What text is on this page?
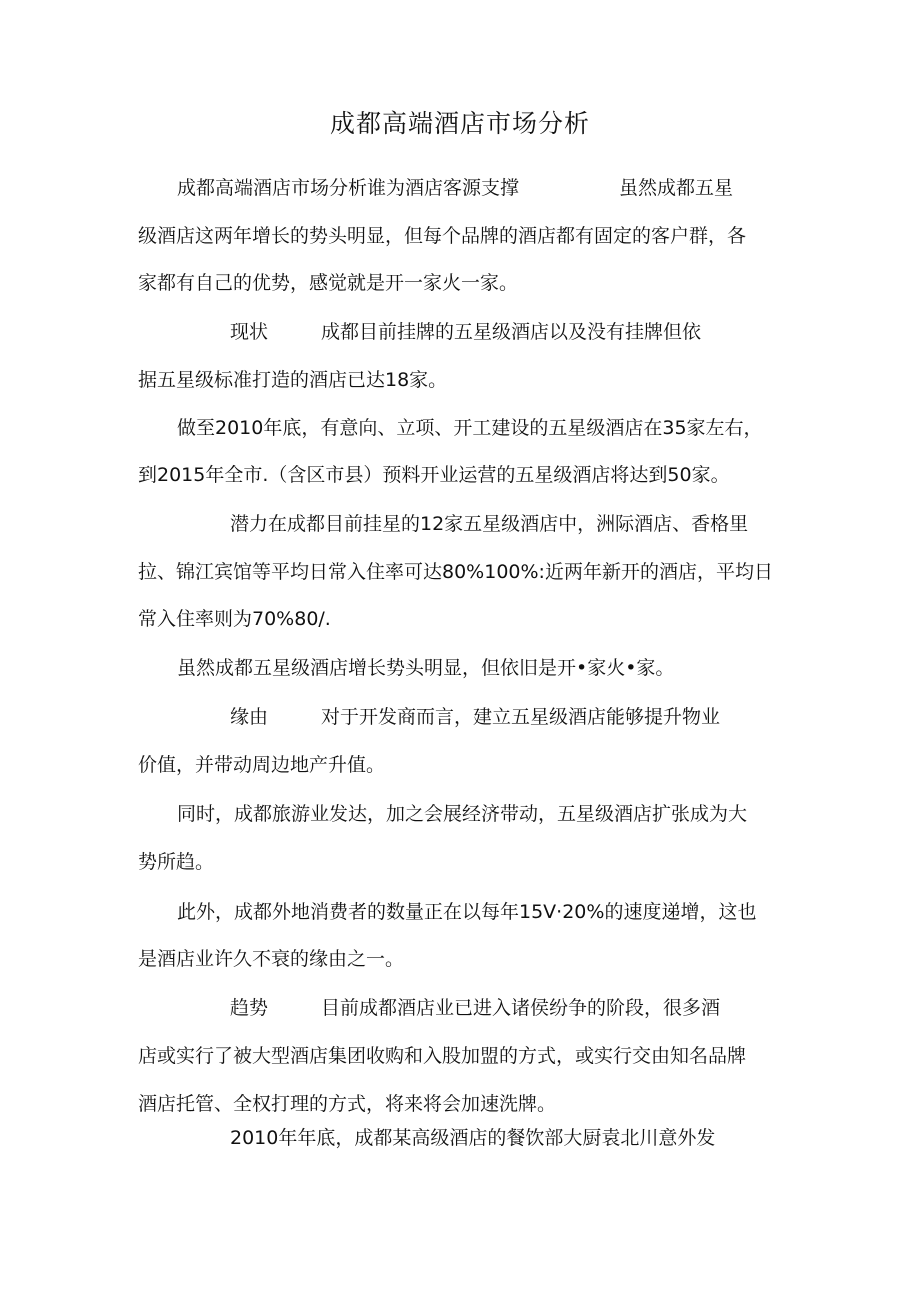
成都高端酒店市场分析
成都高端酒店市场分析谁为酒店客源支撑	虽然成都五星
级酒店这两年增长的势头明显，但每个品牌的酒店都有固定的客户群，各
家都有自己的优势，感觉就是开一家火一家。
现状	成都目前挂牌的五星级酒店以及没有挂牌但依
据五星级标准打造的酒店已达18家。
做至2010年底，有意向、立项、开工建设的五星级酒店在35家左右，
到2015年全市.（含区市县）预料开业运营的五星级酒店将达到50家。
潜力在成都目前挂星的12家五星级酒店中，洲际酒店、香格里
拉、锦江宾馆等平均日常入住率可达80%100%:近两年新开的酒店，平均日
常入住率则为70%80/.
虽然成都五星级酒店增长势头明显，但依旧是开•家火•家。
缘由	对于开发商而言，建立五星级酒店能够提升物业
价值，并带动周边地产升值。
同时，成都旅游业发达，加之会展经济带动，五星级酒店扩张成为大
势所趋。
此外，成都外地消费者的数量正在以每年15V·20%的速度递增，这也
是酒店业许久不衰的缘由之一。
趋势	目前成都酒店业已进入诸侯纷争的阶段，很多酒
店或实行了被大型酒店集团收购和入股加盟的方式，或实行交由知名品牌
酒店托管、全权打理的方式，将来将会加速洗牌。
2010年年底，成都某高级酒店的餐饮部大厨袁北川意外发
